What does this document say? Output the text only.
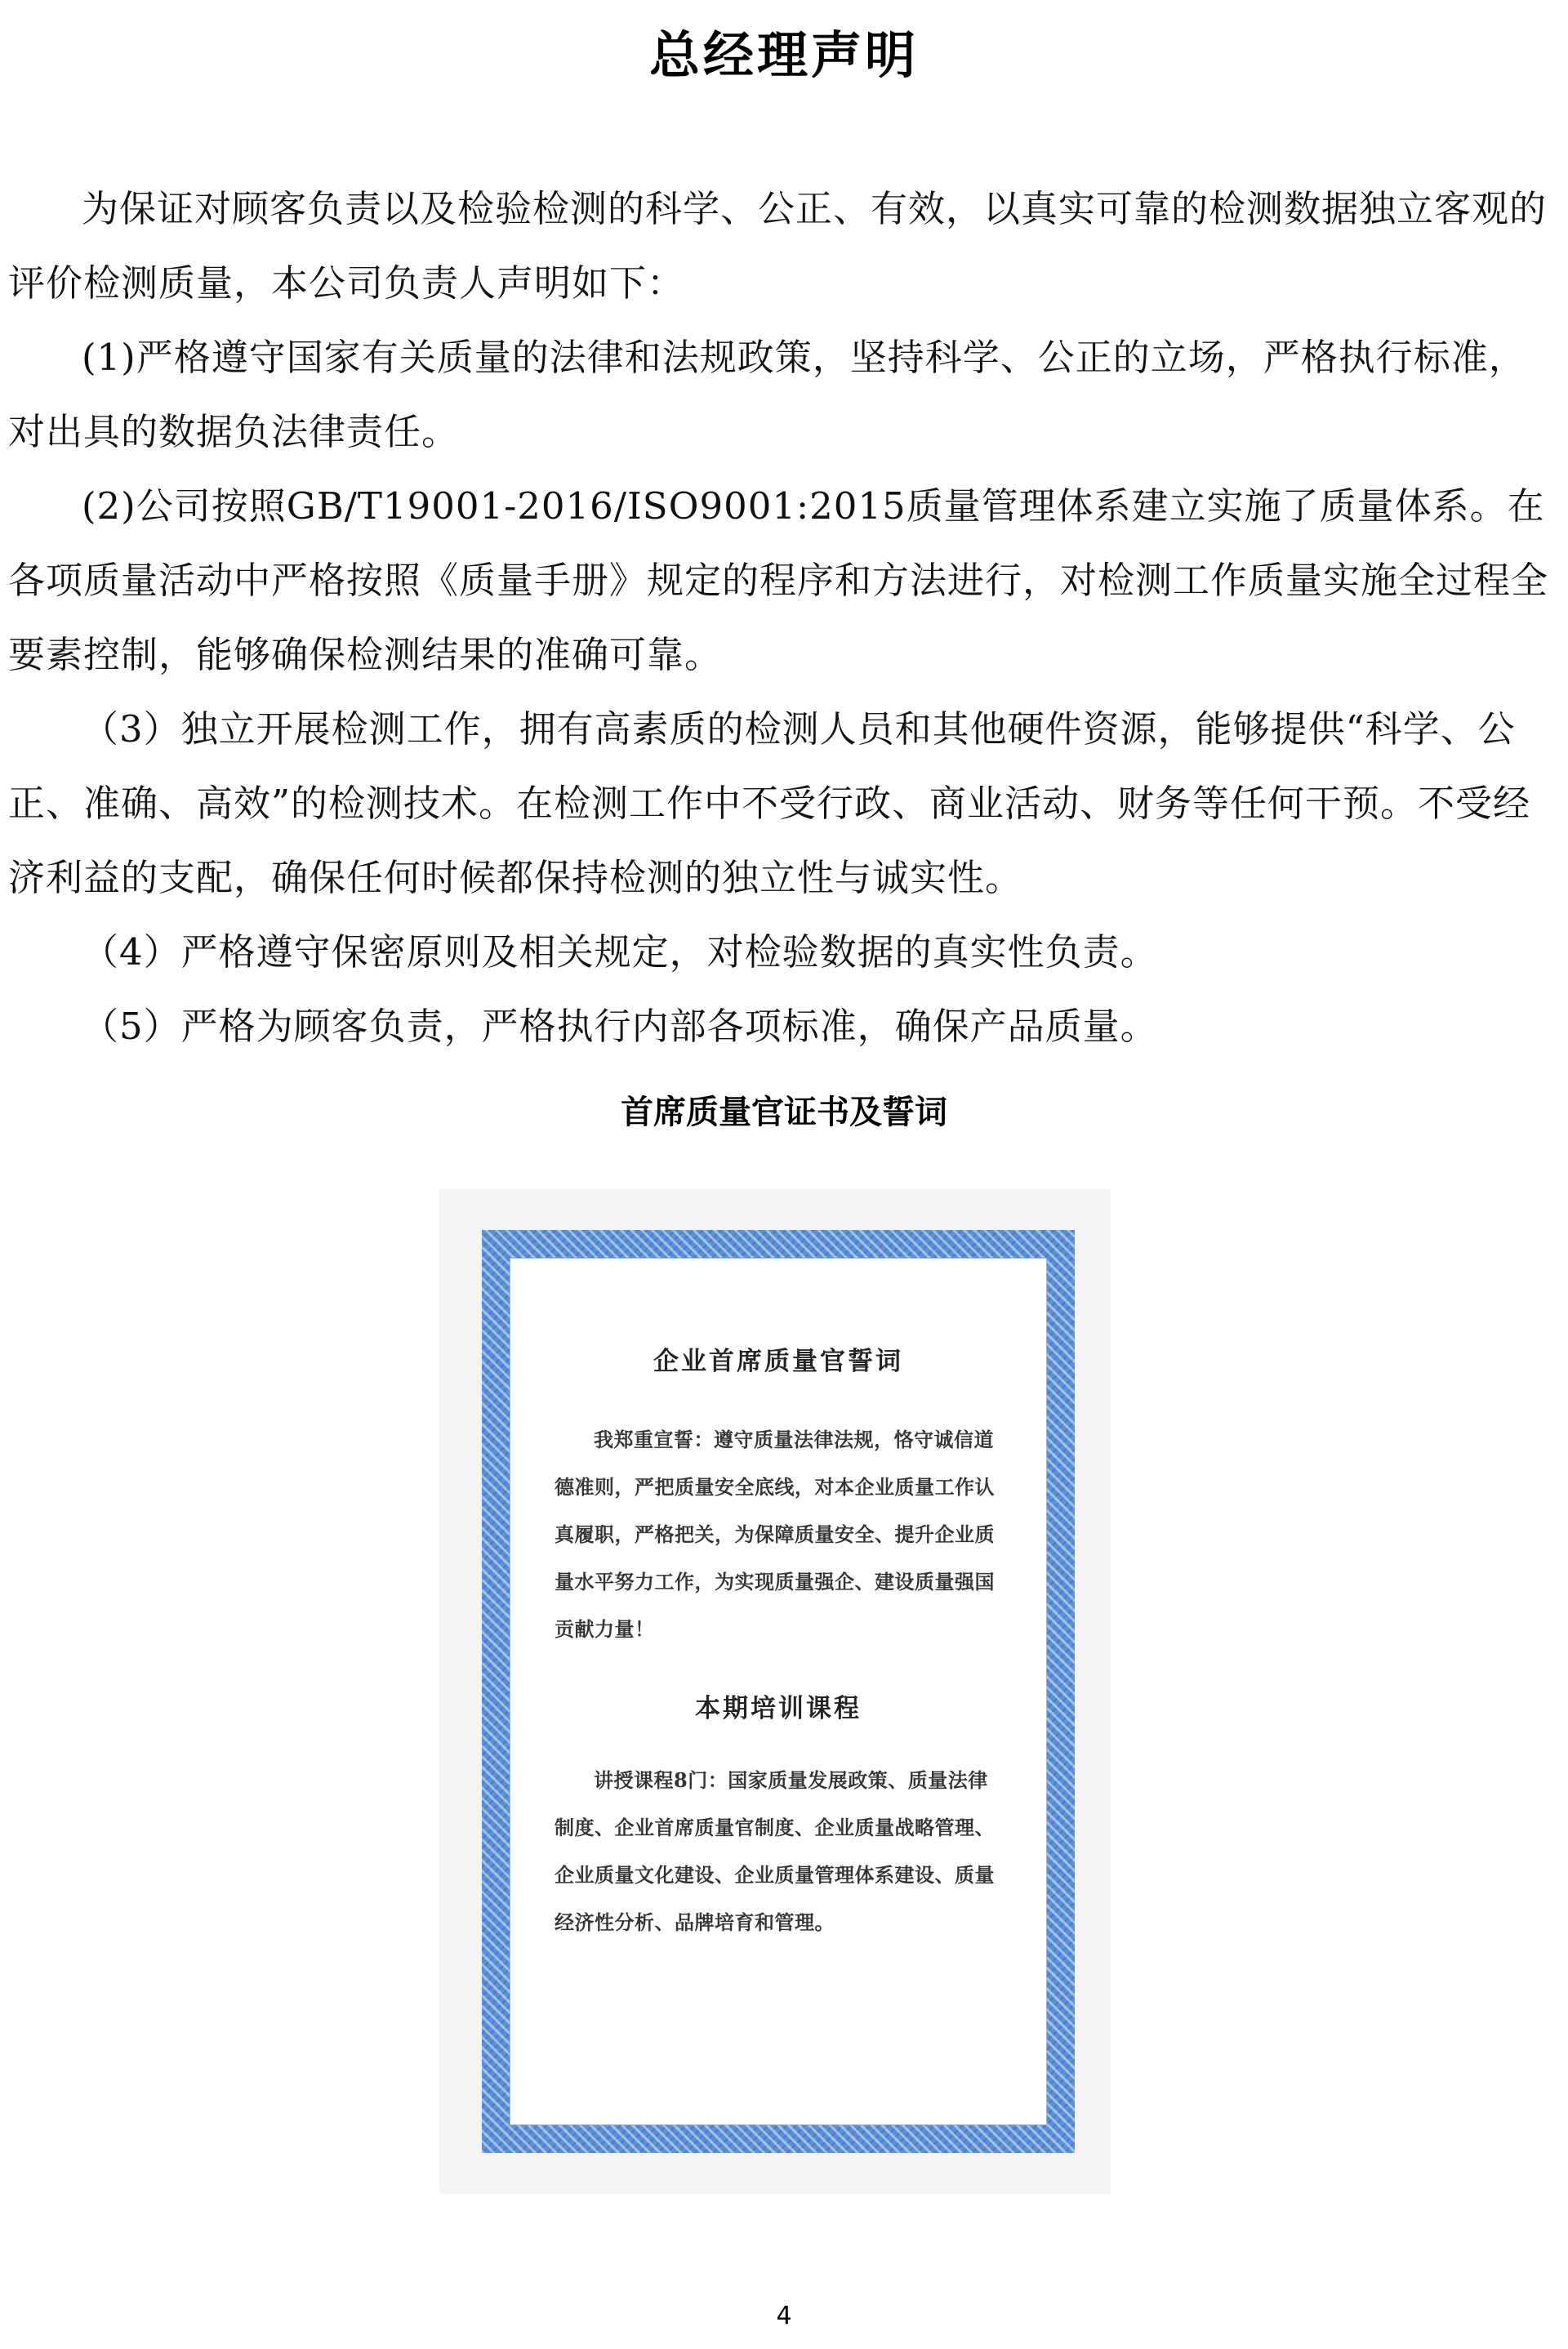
总经理声明

为保证对顾客负责以及检验检测的科学、公正、有效，以真实可靠的检测数据独立客观的评价检测质量，本公司负责人声明如下：

(1)严格遵守国家有关质量的法律和法规政策，坚持科学、公正的立场，严格执行标准，对出具的数据负法律责任。

(2)公司按照GB/T19001-2016/ISO9001:2015质量管理体系建立实施了质量体系。在各项质量活动中严格按照《质量手册》规定的程序和方法进行，对检测工作质量实施全过程全要素控制，能够确保检测结果的准确可靠。

（3）独立开展检测工作，拥有高素质的检测人员和其他硬件资源，能够提供“科学、公正、准确、高效”的检测技术。在检测工作中不受行政、商业活动、财务等任何干预。不受经济利益的支配，确保任何时候都保持检测的独立性与诚实性。

（4）严格遵守保密原则及相关规定，对检验数据的真实性负责。

（5）严格为顾客负责，严格执行内部各项标准，确保产品质量。

首席质量官证书及誓词
企业首席质量官誓词

我郑重宣誓：遵守质量法律法规，恪守诚信道德准则，严把质量安全底线，对本企业质量工作认真履职，严格把关，为保障质量安全、提升企业质量水平努力工作，为实现质量强企、建设质量强国贡献力量！

本期培训课程

讲授课程8门：国家质量发展政策、质量法律制度、企业首席质量官制度、企业质量战略管理、企业质量文化建设、企业质量管理体系建设、质量经济性分析、品牌培育和管理。

4
